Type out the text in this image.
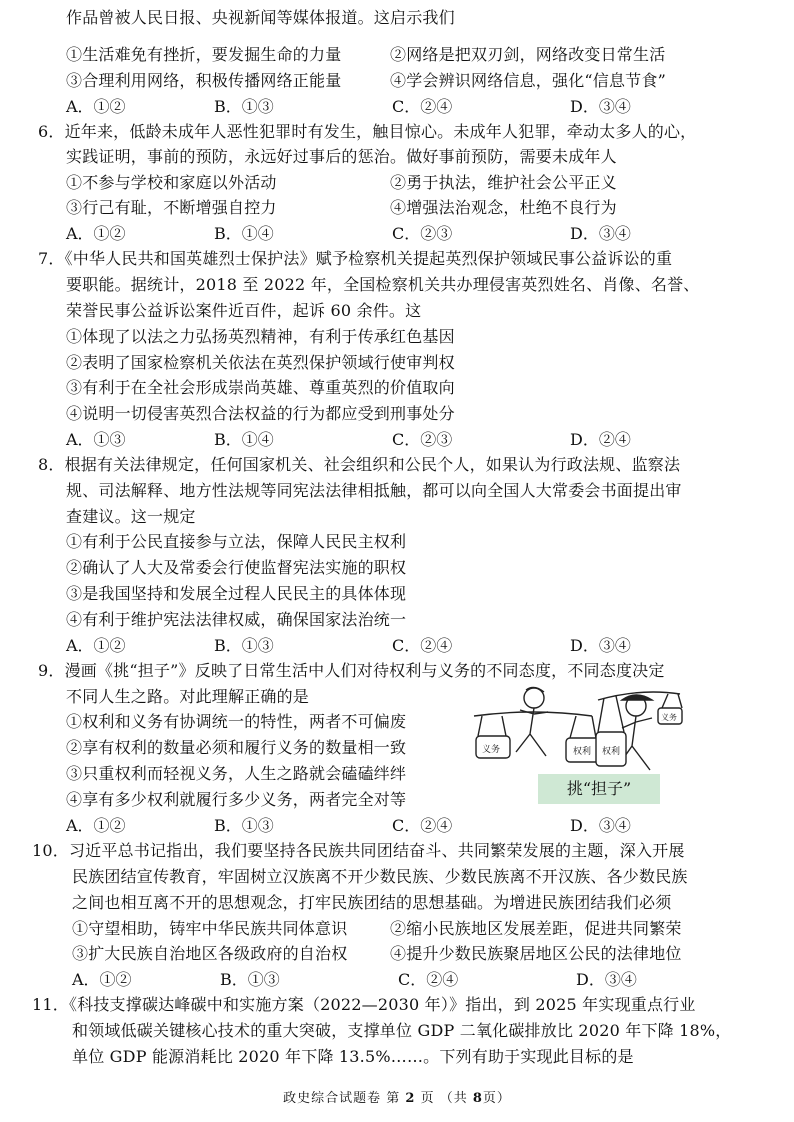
作品曾被人民日报、央视新闻等媒体报道。这启示我们
①生活难免有挫折，要发掘生命的力量	②网络是把双刃剑，网络改变日常生活
③合理利用网络，积极传播网络正能量	④学会辨识网络信息，强化“信息节食”
6．近年来，低龄未成年人恶性犯罪时有发生，触目惊心。未成年人犯罪，牵动太多人的心，
实践证明，事前的预防，永远好过事后的惩治。做好事前预防，需要未成年人
①不参与学校和家庭以外活动	②勇于执法，维护社会公平正义
③行己有耻，不断增强自控力	④增强法治观念，杜绝不良行为
7．《中华人民共和国英雄烈士保护法》赋予检察机关提起英烈保护领域民事公益诉讼的重
要职能。据统计，2018 至 2022 年，全国检察机关共办理侵害英烈姓名、肖像、名誉、
荣誉民事公益诉讼案件近百件，起诉 60 余件。这
①体现了以法之力弘扬英烈精神，有利于传承红色基因
②表明了国家检察机关依法在英烈保护领域行使审判权
③有利于在全社会形成崇尚英雄、尊重英烈的价值取向
④说明一切侵害英烈合法权益的行为都应受到刑事处分
8．根据有关法律规定，任何国家机关、社会组织和公民个人，如果认为行政法规、监察法
规、司法解释、地方性法规等同宪法法律相抵触，都可以向全国人大常委会书面提出审
查建议。这一规定
①有利于公民直接参与立法，保障人民民主权利
②确认了人大及常委会行使监督宪法实施的职权
③是我国坚持和发展全过程人民民主的具体体现
④有利于维护宪法法律权威，确保国家法治统一
9．漫画《挑“担子”》反映了日常生活中人们对待权利与义务的不同态度，不同态度决定
不同人生之路。对此理解正确的是
①权利和义务有协调统一的特性，两者不可偏废
②享有权利的数量必须和履行义务的数量相一致
③只重权利而轻视义务，人生之路就会磕磕绊绊
④享有多少权利就履行多少义务，两者完全对等
10．习近平总书记指出，我们要坚持各民族共同团结奋斗、共同繁荣发展的主题，深入开展
民族团结宣传教育，牢固树立汉族离不开少数民族、少数民族离不开汉族、各少数民族
之间也相互离不开的思想观念，打牢民族团结的思想基础。为增进民族团结我们必须
①守望相助，铸牢中华民族共同体意识	②缩小民族地区发展差距，促进共同繁荣
③扩大民族自治地区各级政府的自治权	④提升少数民族聚居地区公民的法律地位
11．《科技支撑碳达峰碳中和实施方案（2022—2030 年）》指出，到 2025 年实现重点行业
和领域低碳关键核心技术的重大突破，支撑单位 GDP 二氧化碳排放比 2020 年下降 18%，
单位 GDP 能源消耗比 2020 年下降 13.5%……。下列有助于实现此目标的是
A．①②	B．①③	C．②④	D．③④
A．①②	B．①④	C．②③	D．③④
A．①③	B．①④	C．②③	D．②④
A．①②	B．①③	C．②④	D．③④
A．①②	B．①③	C．②④	D．③④
A．①②	B．①③	C．②④	D．③④
义务	权利 权利
义务
挑“担子”
政史综合试题卷 第 2 页 （共 8页）
